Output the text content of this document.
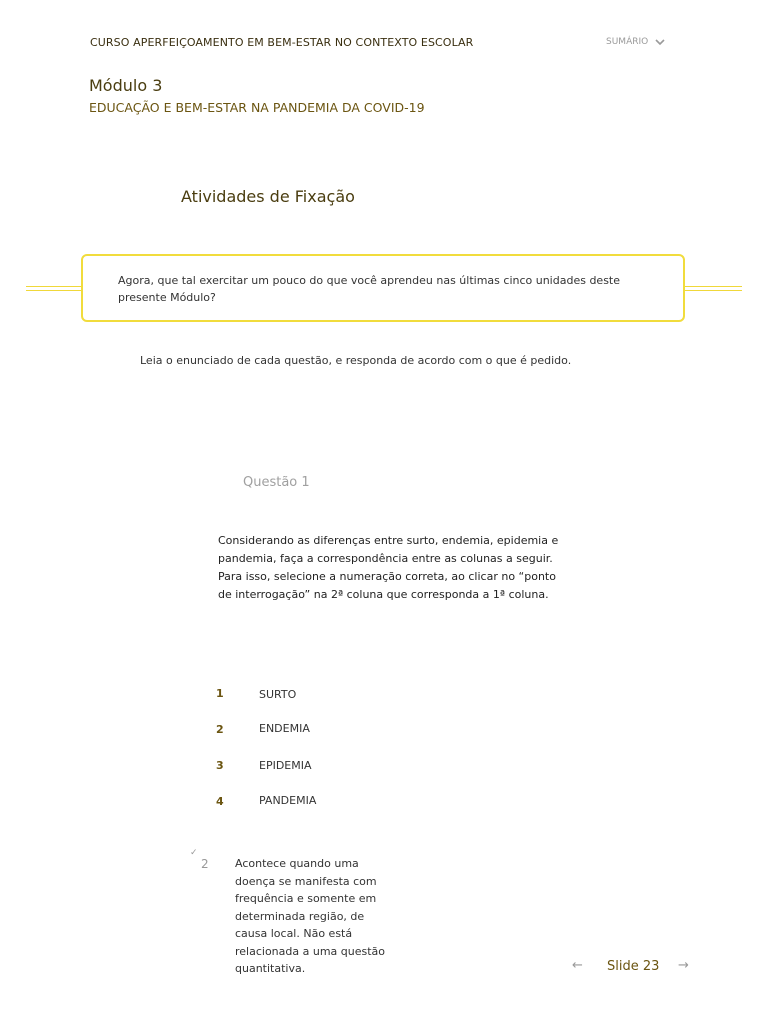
CURSO APERFEIÇOAMENTO EM BEM-ESTAR NO CONTEXTO ESCOLAR	SUMÁRIO
Módulo 3
EDUCAÇÃO E BEM-ESTAR NA PANDEMIA DA COVID-19
Atividades de Fixação
Agora, que tal exercitar um pouco do que você aprendeu nas últimas cinco unidades deste presente Módulo?
Leia o enunciado de cada questão, e responda de acordo com o que é pedido.
Questão 1
Considerando as diferenças entre surto, endemia, epidemia e pandemia, faça a correspondência entre as colunas a seguir. Para isso, selecione a numeração correta, ao clicar no “ponto de interrogação” na 2ª coluna que corresponda a 1ª coluna.
1	SURTO
2	ENDEMIA
3	EPIDEMIA
4	PANDEMIA
✓
2 Acontece quando uma doença se manifesta com frequência e somente em determinada região, de causa local. Não está relacionada a uma questão quantitativa.	← Slide 23 →
